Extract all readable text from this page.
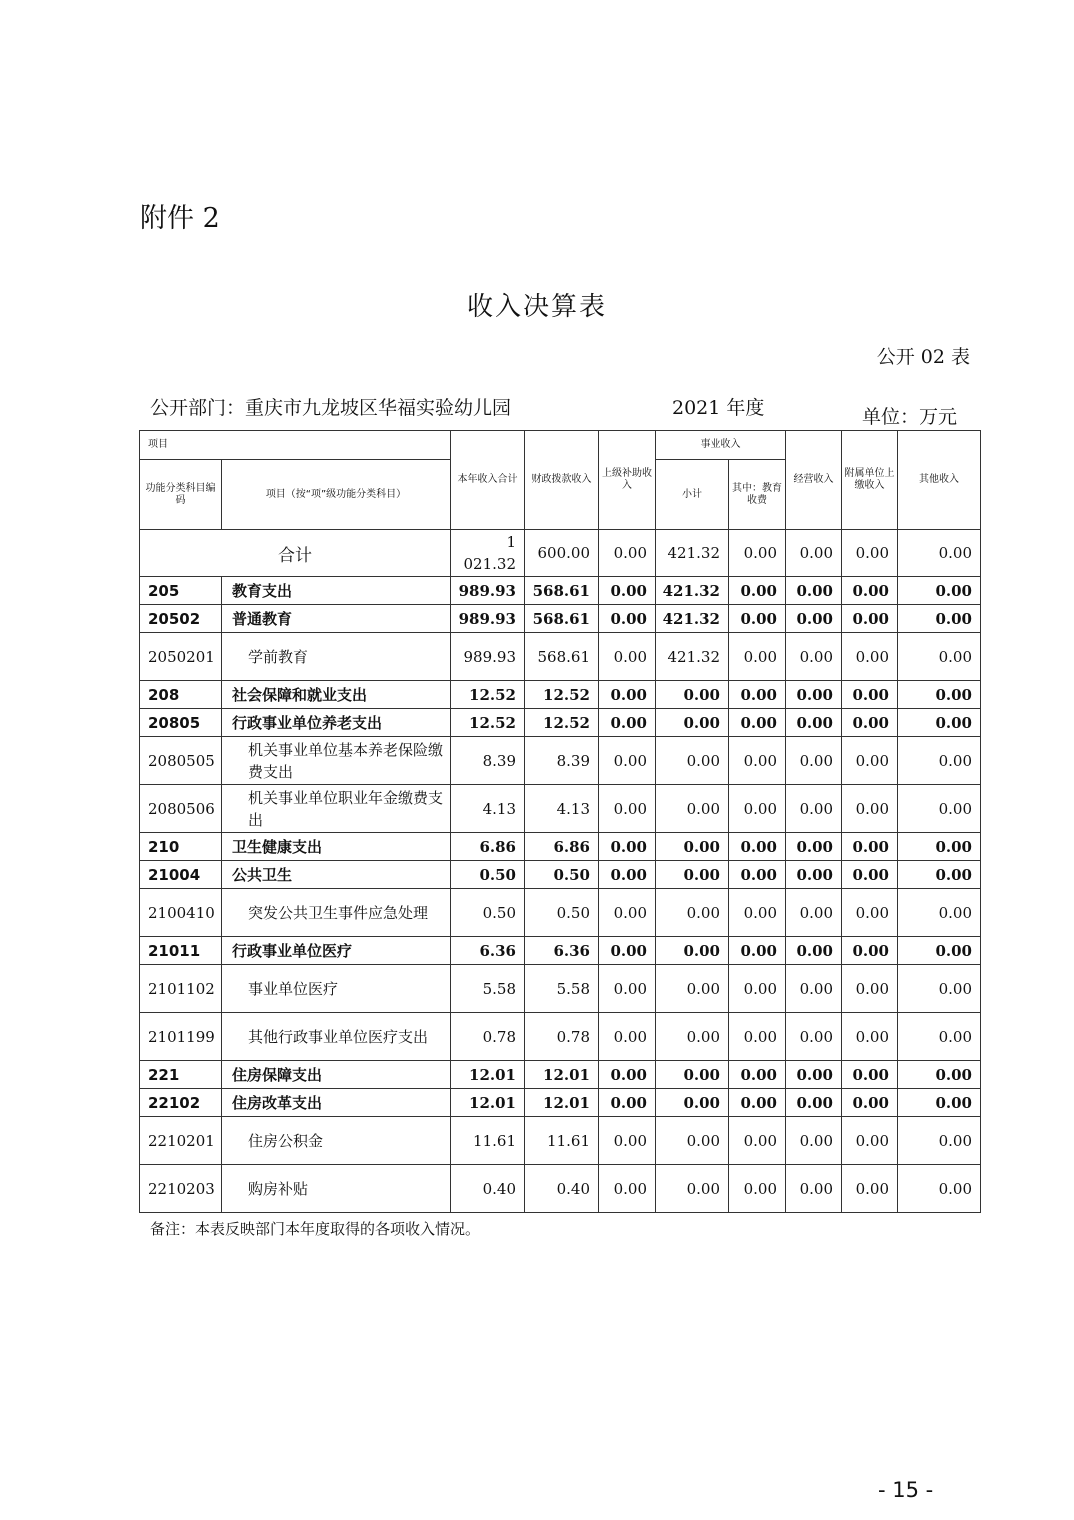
附件 2
收入决算表
公开 02 表
公开部门：重庆市九龙坡区华福实验幼儿园	2021 年度	单位：万元
项目		本年收入合计	财政拨款收入	上级补助收入	事业收入		经营收入	附属单位上缴收入	其他收入
功能分类科目编码	项目（按“项”级功能分类科目）				小计	其中：教育收费			

合计		1 021.32	600.00	0.00	421.32	0.00	0.00	0.00	0.00
205	教育支出	989.93	568.61	0.00	421.32	0.00	0.00	0.00	0.00
20502	普通教育	989.93	568.61	0.00	421.32	0.00	0.00	0.00	0.00
2050201	学前教育	989.93	568.61	0.00	421.32	0.00	0.00	0.00	0.00
208	社会保障和就业支出	12.52	12.52	0.00	0.00	0.00	0.00	0.00	0.00
20805	行政事业单位养老支出	12.52	12.52	0.00	0.00	0.00	0.00	0.00	0.00
2080505	机关事业单位基本养老保险缴费支出	8.39	8.39	0.00	0.00	0.00	0.00	0.00	0.00
2080506	机关事业单位职业年金缴费支出	4.13	4.13	0.00	0.00	0.00	0.00	0.00	0.00
210	卫生健康支出	6.86	6.86	0.00	0.00	0.00	0.00	0.00	0.00
21004	公共卫生	0.50	0.50	0.00	0.00	0.00	0.00	0.00	0.00
2100410	突发公共卫生事件应急处理	0.50	0.50	0.00	0.00	0.00	0.00	0.00	0.00
21011	行政事业单位医疗	6.36	6.36	0.00	0.00	0.00	0.00	0.00	0.00
2101102	事业单位医疗	5.58	5.58	0.00	0.00	0.00	0.00	0.00	0.00
2101199	其他行政事业单位医疗支出	0.78	0.78	0.00	0.00	0.00	0.00	0.00	0.00
221	住房保障支出	12.01	12.01	0.00	0.00	0.00	0.00	0.00	0.00
22102	住房改革支出	12.01	12.01	0.00	0.00	0.00	0.00	0.00	0.00
2210201	住房公积金	11.61	11.61	0.00	0.00	0.00	0.00	0.00	0.00
2210203	购房补贴	0.40	0.40	0.00	0.00	0.00	0.00	0.00	0.00
备注：本表反映部门本年度取得的各项收入情况。
- 15 -
